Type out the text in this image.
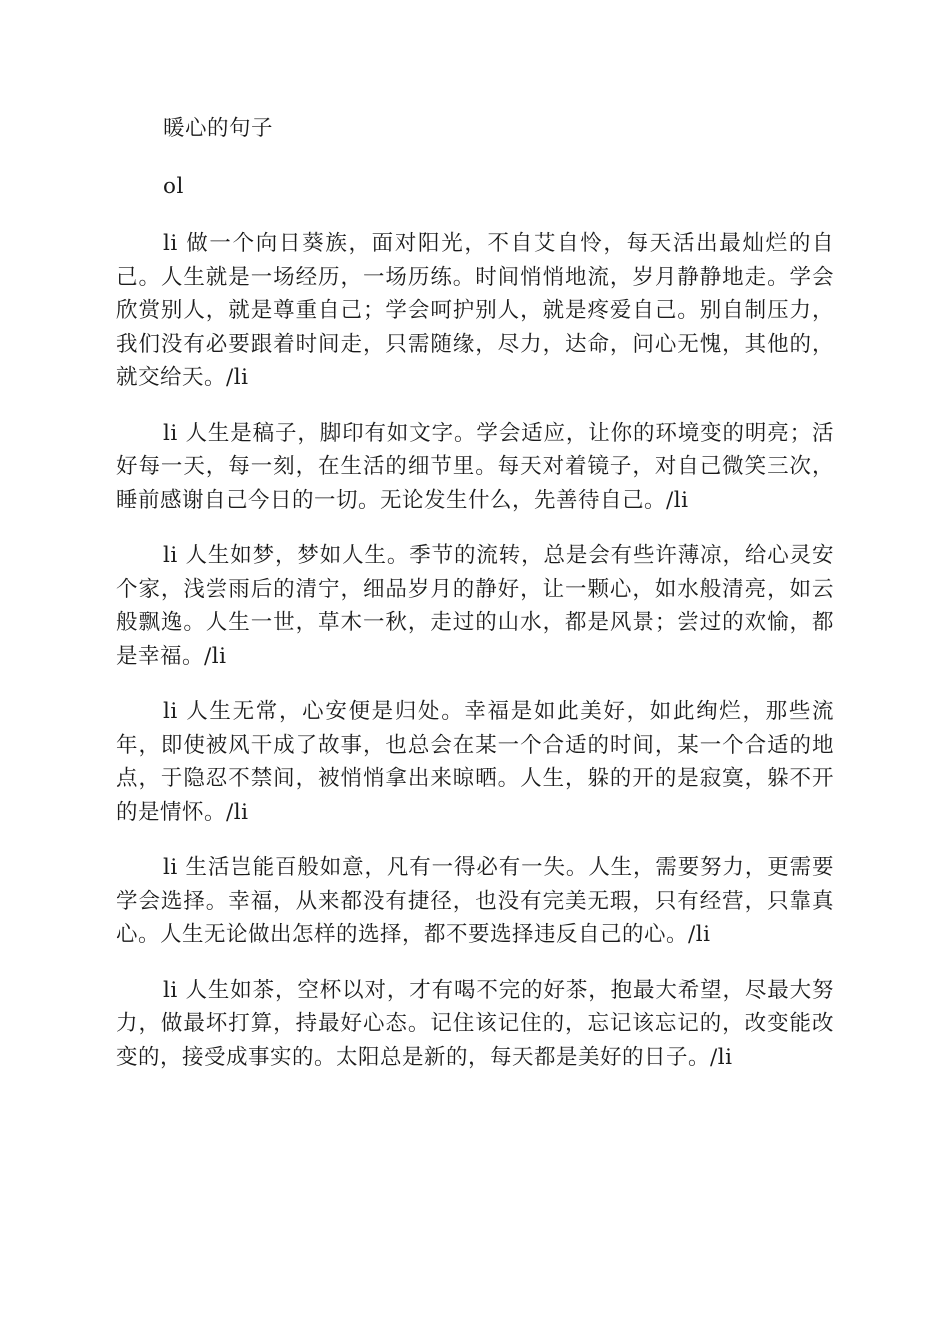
暖心的句子

ol

li 做一个向日葵族，面对阳光，不自艾自怜，每天活出最灿烂的自己。人生就是一场经历，一场历练。时间悄悄地流，岁月静静地走。学会欣赏别人，就是尊重自己；学会呵护别人，就是疼爱自己。别自制压力，我们没有必要跟着时间走，只需随缘，尽力，达命，问心无愧，其他的，就交给天。/li

li 人生是稿子，脚印有如文字。学会适应，让你的环境变的明亮；活好每一天，每一刻，在生活的细节里。每天对着镜子，对自己微笑三次，睡前感谢自己今日的一切。无论发生什么，先善待自己。/li

li 人生如梦，梦如人生。季节的流转，总是会有些许薄凉，给心灵安个家，浅尝雨后的清宁，细品岁月的静好，让一颗心，如水般清亮，如云般飘逸。人生一世，草木一秋，走过的山水，都是风景；尝过的欢愉，都是幸福。/li

li 人生无常，心安便是归处。幸福是如此美好，如此绚烂，那些流年，即使被风干成了故事，也总会在某一个合适的时间，某一个合适的地点，于隐忍不禁间，被悄悄拿出来晾晒。人生，躲的开的是寂寞，躲不开的是情怀。/li

li 生活岂能百般如意，凡有一得必有一失。人生，需要努力，更需要学会选择。幸福，从来都没有捷径，也没有完美无瑕，只有经营，只靠真心。人生无论做出怎样的选择，都不要选择违反自己的心。/li

li 人生如茶，空杯以对，才有喝不完的好茶，抱最大希望，尽最大努力，做最坏打算，持最好心态。记住该记住的，忘记该忘记的，改变能改变的，接受成事实的。太阳总是新的，每天都是美好的日子。/li
